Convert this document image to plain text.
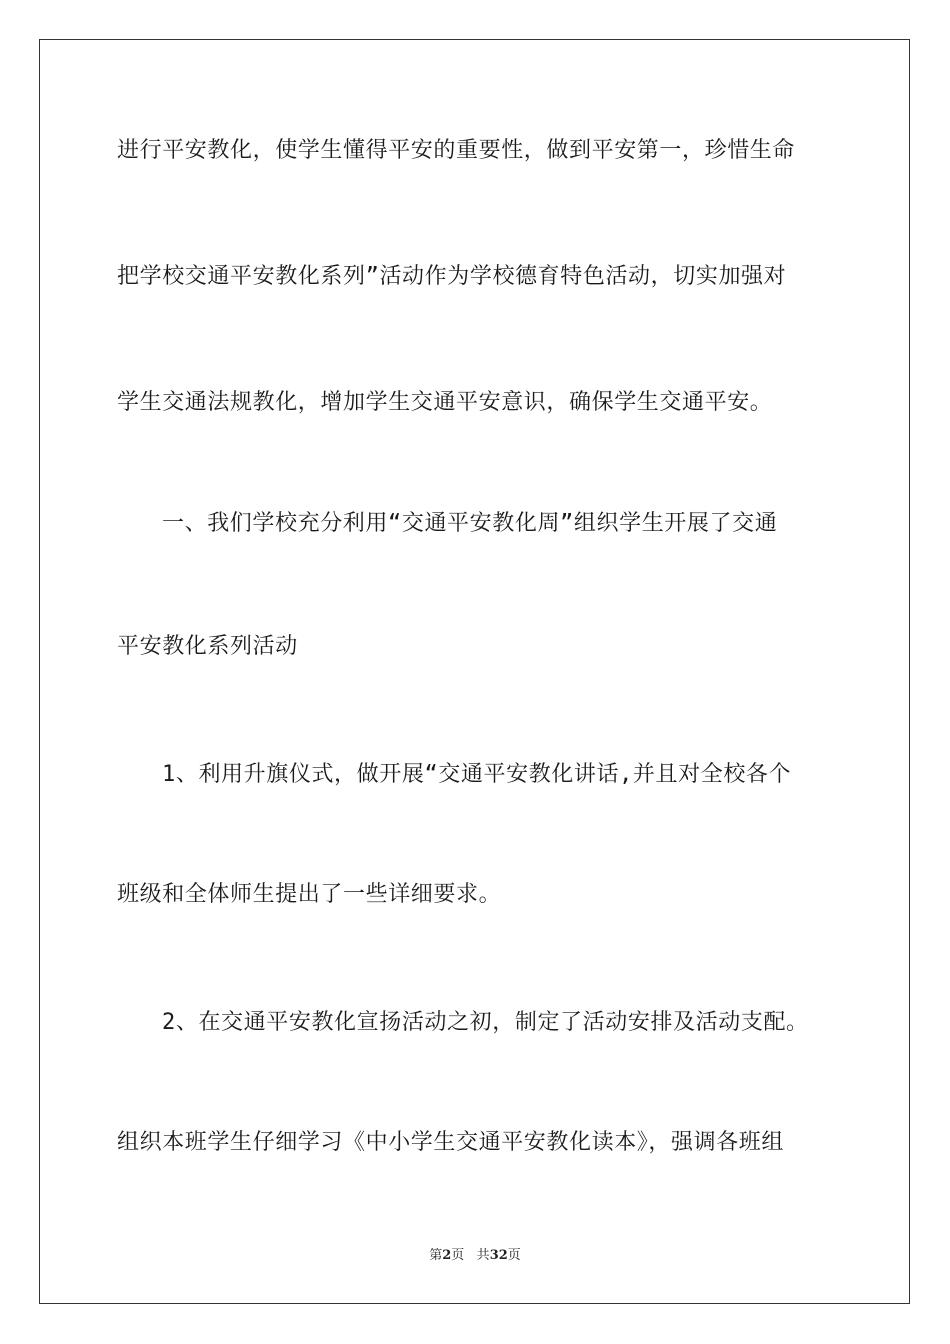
进行平安教化，使学生懂得平安的重要性，做到平安第一，珍惜生命
把学校交通平安教化系列”活动作为学校德育特色活动，切实加强对
学生交通法规教化，增加学生交通平安意识，确保学生交通平安。
一、我们学校充分利用“交通平安教化周”组织学生开展了交通
平安教化系列活动
1、利用升旗仪式，做开展“交通平安教化讲话,并且对全校各个
班级和全体师生提出了一些详细要求。
2、在交通平安教化宣扬活动之初，制定了活动安排及活动支配。
组织本班学生仔细学习《中小学生交通平安教化读本》，强调各班组
第2页 共32页
